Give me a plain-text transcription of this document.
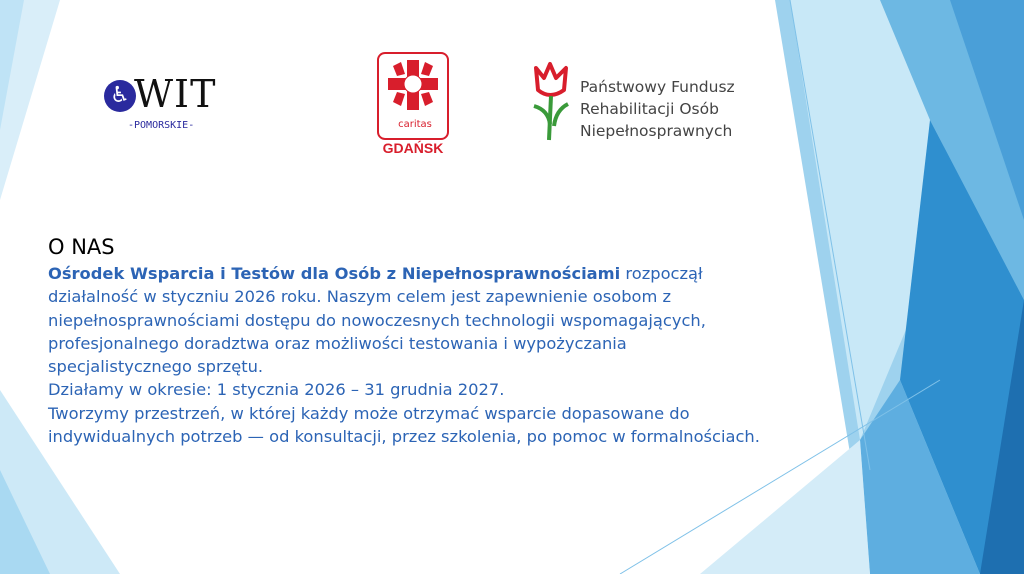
♿ WIT
-POMORSKIE-	caritas
GDAŃSK
Państwowy Fundusz
Rehabilitacji Osób
Niepełnosprawnych
O NAS

Ośrodek Wsparcia i Testów dla Osób z Niepełnosprawnościami rozpoczął działalność w styczniu 2026 roku. Naszym celem jest zapewnienie osobom z niepełnosprawnościami dostępu do nowoczesnych technologii wspomagających, profesjonalnego doradztwa oraz możliwości testowania i wypożyczania specjalistycznego sprzętu.

Działamy w okresie: 1 stycznia 2026 – 31 grudnia 2027.

Tworzymy przestrzeń, w której każdy może otrzymać wsparcie dopasowane do indywidualnych potrzeb — od konsultacji, przez szkolenia, po pomoc w formalnościach.
